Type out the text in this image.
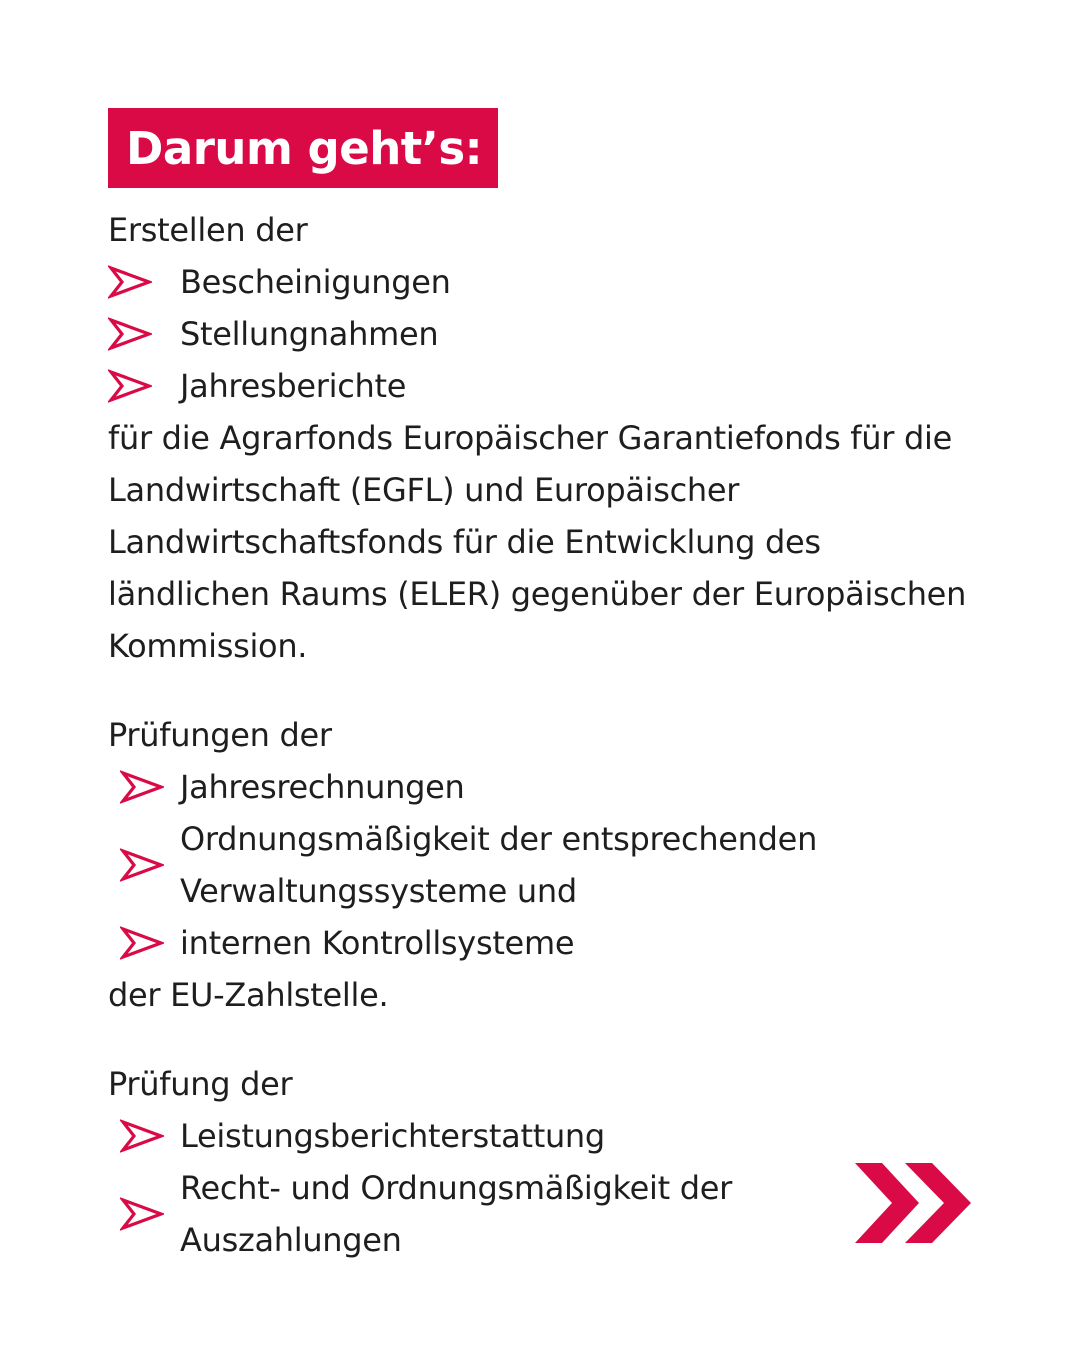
Darum geht’s:

Erstellen der

Bescheinigungen
Stellungnahmen
Jahresberichte

für die Agrarfonds Europäischer Garantiefonds für die Landwirtschaft (EGFL) und Europäischer Landwirtschaftsfonds für die Entwicklung des ländlichen Raums (ELER) gegenüber der Europäischen Kommission.

Prüfungen der

Jahresrechnungen
Ordnungsmäßigkeit der entsprechenden Verwaltungssysteme und
internen Kontrollsysteme

der EU-Zahlstelle.

Prüfung der

Leistungsberichterstattung
Recht- und Ordnungsmäßigkeit der Auszahlungen
